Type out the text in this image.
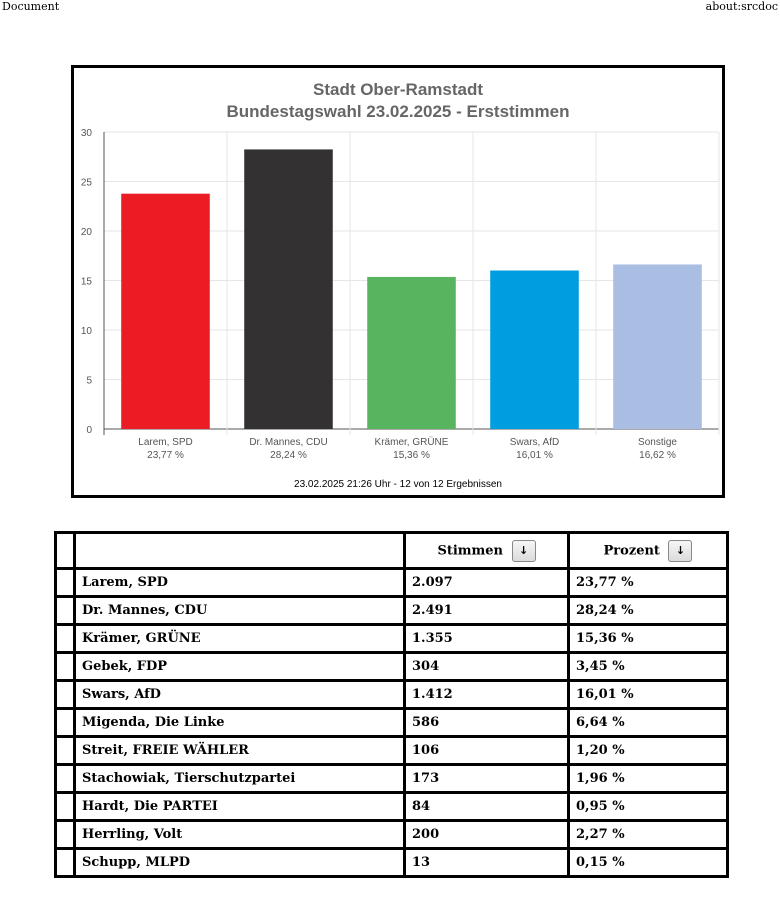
Document	about:srcdoc
Stadt Ober-Ramstadt
Bundestagswahl 23.02.2025 - Erststimmen
0
5
10
15
20
25
30
Larem, SPD
23,77 %
Dr. Mannes, CDU
28,24 %
Krämer, GRÜNE
15,36 %
Swars, AfD
16,01 %
Sonstige
16,62 %
23.02.2025 21:26 Uhr - 12 von 12 Ergebnissen
		Stimmen ↓	Prozent ↓
	Larem, SPD	2.097	23,77 %
	Dr. Mannes, CDU	2.491	28,24 %
	Krämer, GRÜNE	1.355	15,36 %
	Gebek, FDP	304	3,45 %
	Swars, AfD	1.412	16,01 %
	Migenda, Die Linke	586	6,64 %
	Streit, FREIE WÄHLER	106	1,20 %
	Stachowiak, Tierschutzpartei	173	1,96 %
	Hardt, Die PARTEI	84	0,95 %
	Herrling, Volt	200	2,27 %
	Schupp, MLPD	13	0,15 %
